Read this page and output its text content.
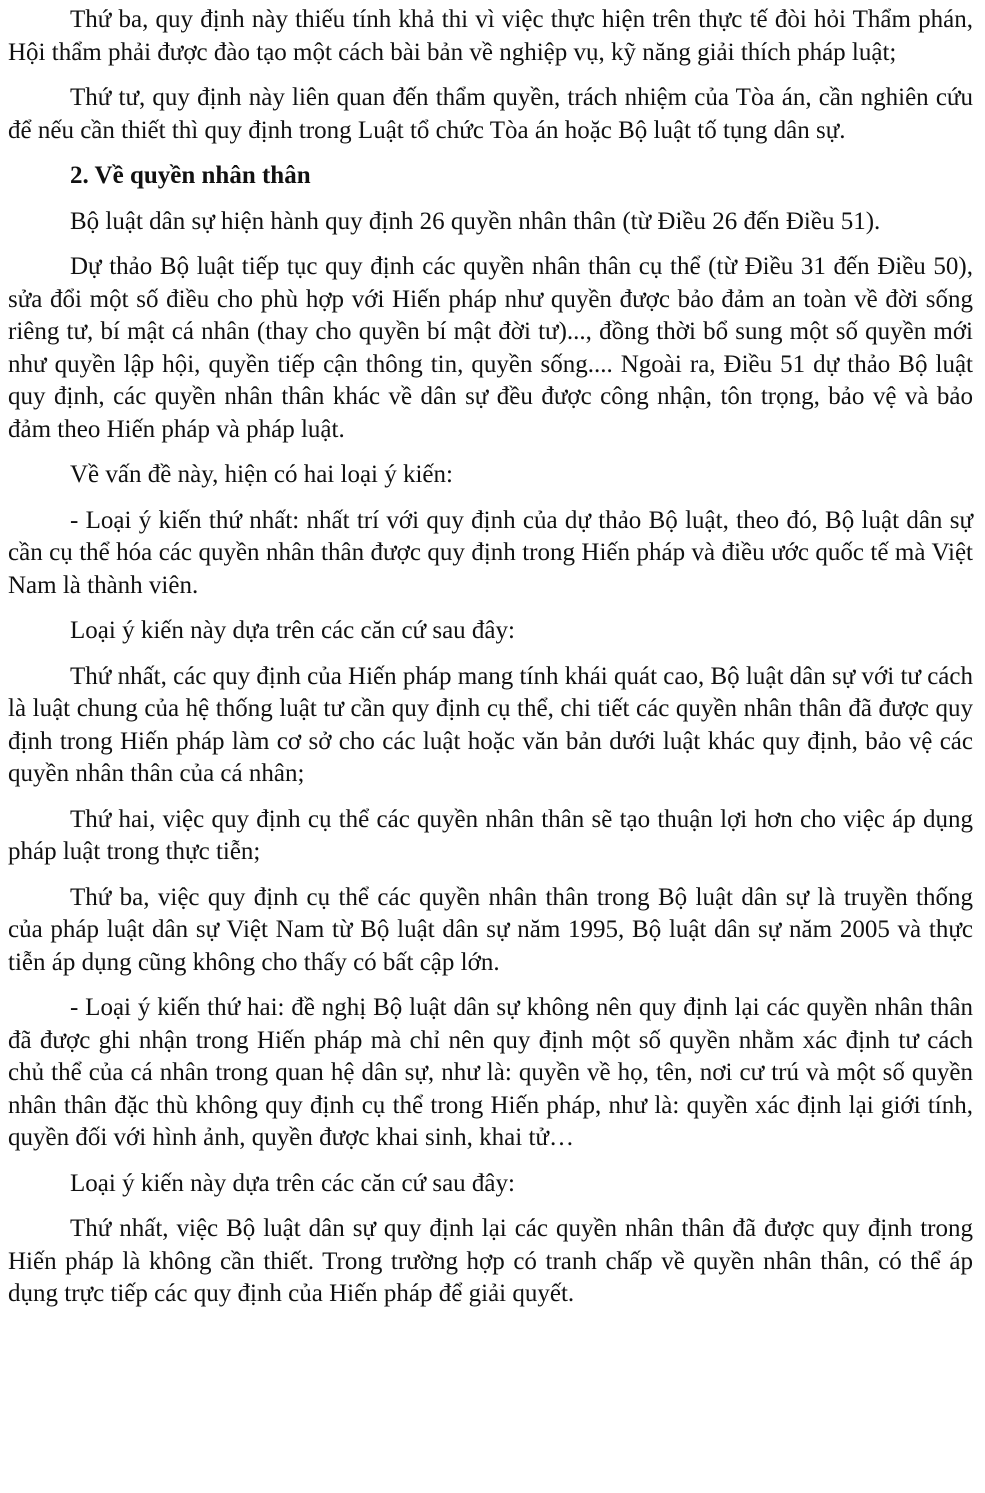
Thứ ba, quy định này thiếu tính khả thi vì việc thực hiện trên thực tế đòi hỏi Thẩm phán, Hội thẩm phải được đào tạo một cách bài bản về nghiệp vụ, kỹ năng giải thích pháp luật;

Thứ tư, quy định này liên quan đến thẩm quyền, trách nhiệm của Tòa án, cần nghiên cứu để nếu cần thiết thì quy định trong Luật tổ chức Tòa án hoặc Bộ luật tố tụng dân sự.

2. Về quyền nhân thân

Bộ luật dân sự hiện hành quy định 26 quyền nhân thân (từ Điều 26 đến Điều 51).

Dự thảo Bộ luật tiếp tục quy định các quyền nhân thân cụ thể (từ Điều 31 đến Điều 50), sửa đổi một số điều cho phù hợp với Hiến pháp như quyền được bảo đảm an toàn về đời sống riêng tư, bí mật cá nhân (thay cho quyền bí mật đời tư)..., đồng thời bổ sung một số quyền mới như quyền lập hội, quyền tiếp cận thông tin, quyền sống.... Ngoài ra, Điều 51 dự thảo Bộ luật quy định, các quyền nhân thân khác về dân sự đều được công nhận, tôn trọng, bảo vệ và bảo đảm theo Hiến pháp và pháp luật.

Về vấn đề này, hiện có hai loại ý kiến:

- Loại ý kiến thứ nhất: nhất trí với quy định của dự thảo Bộ luật, theo đó, Bộ luật dân sự cần cụ thể hóa các quyền nhân thân được quy định trong Hiến pháp và điều ước quốc tế mà Việt Nam là thành viên.

Loại ý kiến này dựa trên các căn cứ sau đây:

Thứ nhất, các quy định của Hiến pháp mang tính khái quát cao, Bộ luật dân sự với tư cách là luật chung của hệ thống luật tư cần quy định cụ thể, chi tiết các quyền nhân thân đã được quy định trong Hiến pháp làm cơ sở cho các luật hoặc văn bản dưới luật khác quy định, bảo vệ các quyền nhân thân của cá nhân;

Thứ hai, việc quy định cụ thể các quyền nhân thân sẽ tạo thuận lợi hơn cho việc áp dụng pháp luật trong thực tiễn;

Thứ ba, việc quy định cụ thể các quyền nhân thân trong Bộ luật dân sự là truyền thống của pháp luật dân sự Việt Nam từ Bộ luật dân sự năm 1995, Bộ luật dân sự năm 2005 và thực tiễn áp dụng cũng không cho thấy có bất cập lớn.

- Loại ý kiến thứ hai: đề nghị Bộ luật dân sự không nên quy định lại các quyền nhân thân đã được ghi nhận trong Hiến pháp mà chỉ nên quy định một số quyền nhằm xác định tư cách chủ thể của cá nhân trong quan hệ dân sự, như là: quyền về họ, tên, nơi cư trú và một số quyền nhân thân đặc thù không quy định cụ thể trong Hiến pháp, như là: quyền xác định lại giới tính, quyền đối với hình ảnh, quyền được khai sinh, khai tử…

Loại ý kiến này dựa trên các căn cứ sau đây:

Thứ nhất, việc Bộ luật dân sự quy định lại các quyền nhân thân đã được quy định trong Hiến pháp là không cần thiết. Trong trường hợp có tranh chấp về quyền nhân thân, có thể áp dụng trực tiếp các quy định của Hiến pháp để giải quyết.
